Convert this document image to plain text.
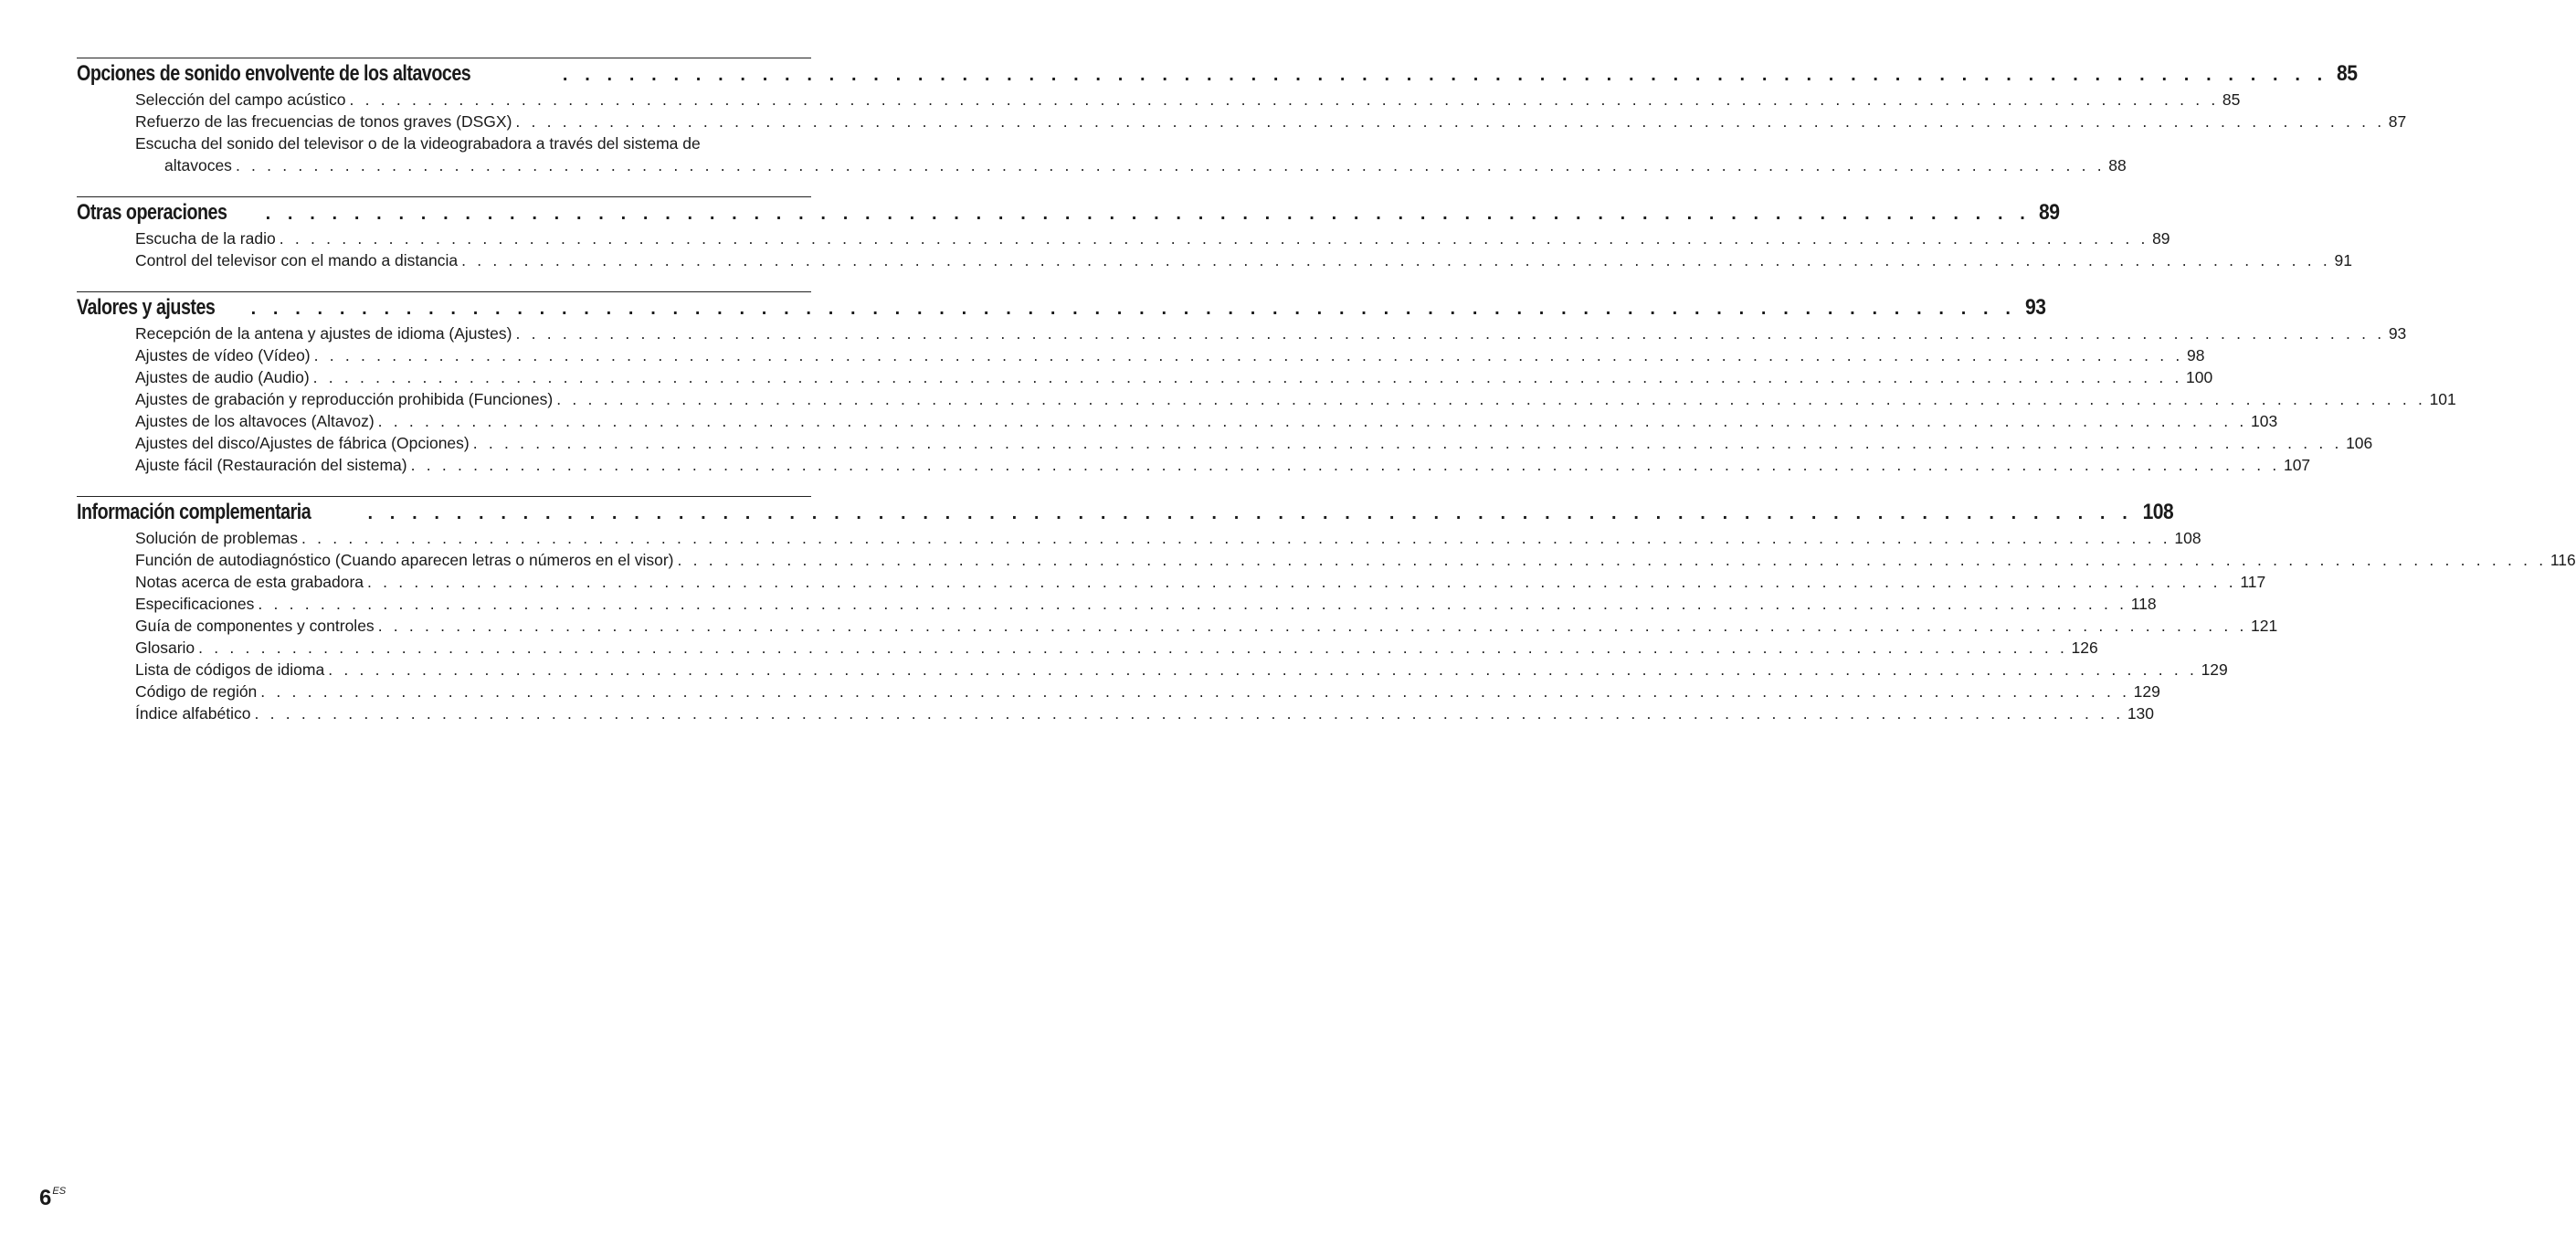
Opciones de sonido envolvente de los altavoces	. . . . . . . . . . . . . . . . . . . . . . . . . . . . . . . . . . . . . . . . . . . . . . . . . . . . . . . . . . . . . . . . . . . . . . . . . . . . . . . . 85
Selección del campo acústico . . . . . . . . . . . . . . . . . . . . . . . . . . . . . . . . . . . . . . . . . . . . . . . . . . . . . . . . . . . . . . . . . . . . . . . . . . . . . . . . . . . . . . . . . . . . . . . . . . . . . . . . . . . . . . . . . . . . . . . . 85
Refuerzo de las frecuencias de tonos graves (DSGX) . . . . . . . . . . . . . . . . . . . . . . . . . . . . . . . . . . . . . . . . . . . . . . . . . . . . . . . . . . . . . . . . . . . . . . . . . . . . . . . . . . . . . . . . . . . . . . . . . . . . . . . . . . . . . . . . . . . . . . . . 87
Escucha del sonido del televisor o de la videograbadora a través del sistema de
altavoces . . . . . . . . . . . . . . . . . . . . . . . . . . . . . . . . . . . . . . . . . . . . . . . . . . . . . . . . . . . . . . . . . . . . . . . . . . . . . . . . . . . . . . . . . . . . . . . . . . . . . . . . . . . . . . . . . . . . . . . . 88
Otras operaciones . . . . . . . . . . . . . . . . . . . . . . . . . . . . . . . . . . . . . . . . . . . . . . . . . . . . . . . . . . . . . . . . . . . . . . . . . . . . . . . . 89
Escucha de la radio . . . . . . . . . . . . . . . . . . . . . . . . . . . . . . . . . . . . . . . . . . . . . . . . . . . . . . . . . . . . . . . . . . . . . . . . . . . . . . . . . . . . . . . . . . . . . . . . . . . . . . . . . . . . . . . . . . . . . . . . 89
Control del televisor con el mando a distancia . . . . . . . . . . . . . . . . . . . . . . . . . . . . . . . . . . . . . . . . . . . . . . . . . . . . . . . . . . . . . . . . . . . . . . . . . . . . . . . . . . . . . . . . . . . . . . . . . . . . . . . . . . . . . . . . . . . . . . . . 91
Valores y ajustes . . . . . . . . . . . . . . . . . . . . . . . . . . . . . . . . . . . . . . . . . . . . . . . . . . . . . . . . . . . . . . . . . . . . . . . . . . . . . . . . 93
Recepción de la antena y ajustes de idioma (Ajustes) . . . . . . . . . . . . . . . . . . . . . . . . . . . . . . . . . . . . . . . . . . . . . . . . . . . . . . . . . . . . . . . . . . . . . . . . . . . . . . . . . . . . . . . . . . . . . . . . . . . . . . . . . . . . . . . . . . . . . . . . 93
Ajustes de vídeo (Vídeo) . . . . . . . . . . . . . . . . . . . . . . . . . . . . . . . . . . . . . . . . . . . . . . . . . . . . . . . . . . . . . . . . . . . . . . . . . . . . . . . . . . . . . . . . . . . . . . . . . . . . . . . . . . . . . . . . . . . . . . . . 98
Ajustes de audio (Audio) . . . . . . . . . . . . . . . . . . . . . . . . . . . . . . . . . . . . . . . . . . . . . . . . . . . . . . . . . . . . . . . . . . . . . . . . . . . . . . . . . . . . . . . . . . . . . . . . . . . . . . . . . . . . . . . . . . . . . . . . 100
Ajustes de grabación y reproducción prohibida (Funciones) . . . . . . . . . . . . . . . . . . . . . . . . . . . . . . . . . . . . . . . . . . . . . . . . . . . . . . . . . . . . . . . . . . . . . . . . . . . . . . . . . . . . . . . . . . . . . . . . . . . . . . . . . . . . . . . . . . . . . . . . 101
Ajustes de los altavoces (Altavoz) . . . . . . . . . . . . . . . . . . . . . . . . . . . . . . . . . . . . . . . . . . . . . . . . . . . . . . . . . . . . . . . . . . . . . . . . . . . . . . . . . . . . . . . . . . . . . . . . . . . . . . . . . . . . . . . . . . . . . . . . 103
Ajustes del disco/Ajustes de fábrica (Opciones) . . . . . . . . . . . . . . . . . . . . . . . . . . . . . . . . . . . . . . . . . . . . . . . . . . . . . . . . . . . . . . . . . . . . . . . . . . . . . . . . . . . . . . . . . . . . . . . . . . . . . . . . . . . . . . . . . . . . . . . . 106
Ajuste fácil (Restauración del sistema) . . . . . . . . . . . . . . . . . . . . . . . . . . . . . . . . . . . . . . . . . . . . . . . . . . . . . . . . . . . . . . . . . . . . . . . . . . . . . . . . . . . . . . . . . . . . . . . . . . . . . . . . . . . . . . . . . . . . . . . . 107
Información complementaria	. . . . . . . . . . . . . . . . . . . . . . . . . . . . . . . . . . . . . . . . . . . . . . . . . . . . . . . . . . . . . . . . . . . . . . . . . . . . . . . . 108
Solución de problemas . . . . . . . . . . . . . . . . . . . . . . . . . . . . . . . . . . . . . . . . . . . . . . . . . . . . . . . . . . . . . . . . . . . . . . . . . . . . . . . . . . . . . . . . . . . . . . . . . . . . . . . . . . . . . . . . . . . . . . . . 108
Función de autodiagnóstico (Cuando aparecen letras o números en el visor) . . . . . . . . . . . . . . . . . . . . . . . . . . . . . . . . . . . . . . . . . . . . . . . . . . . . . . . . . . . . . . . . . . . . . . . . . . . . . . . . . . . . . . . . . . . . . . . . . . . . . . . . . . . . . . . . . . . . . . . . 116
Notas acerca de esta grabadora . . . . . . . . . . . . . . . . . . . . . . . . . . . . . . . . . . . . . . . . . . . . . . . . . . . . . . . . . . . . . . . . . . . . . . . . . . . . . . . . . . . . . . . . . . . . . . . . . . . . . . . . . . . . . . . . . . . . . . . . 117
Especificaciones . . . . . . . . . . . . . . . . . . . . . . . . . . . . . . . . . . . . . . . . . . . . . . . . . . . . . . . . . . . . . . . . . . . . . . . . . . . . . . . . . . . . . . . . . . . . . . . . . . . . . . . . . . . . . . . . . . . . . . . . 118
Guía de componentes y controles . . . . . . . . . . . . . . . . . . . . . . . . . . . . . . . . . . . . . . . . . . . . . . . . . . . . . . . . . . . . . . . . . . . . . . . . . . . . . . . . . . . . . . . . . . . . . . . . . . . . . . . . . . . . . . . . . . . . . . . . 121
Glosario . . . . . . . . . . . . . . . . . . . . . . . . . . . . . . . . . . . . . . . . . . . . . . . . . . . . . . . . . . . . . . . . . . . . . . . . . . . . . . . . . . . . . . . . . . . . . . . . . . . . . . . . . . . . . . . . . . . . . . . . 126
Lista de códigos de idioma . . . . . . . . . . . . . . . . . . . . . . . . . . . . . . . . . . . . . . . . . . . . . . . . . . . . . . . . . . . . . . . . . . . . . . . . . . . . . . . . . . . . . . . . . . . . . . . . . . . . . . . . . . . . . . . . . . . . . . . . 129
Código de región . . . . . . . . . . . . . . . . . . . . . . . . . . . . . . . . . . . . . . . . . . . . . . . . . . . . . . . . . . . . . . . . . . . . . . . . . . . . . . . . . . . . . . . . . . . . . . . . . . . . . . . . . . . . . . . . . . . . . . . . 129
Índice alfabético . . . . . . . . . . . . . . . . . . . . . . . . . . . . . . . . . . . . . . . . . . . . . . . . . . . . . . . . . . . . . . . . . . . . . . . . . . . . . . . . . . . . . . . . . . . . . . . . . . . . . . . . . . . . . . . . . . . . . . . . 130
$6^{ES}$
